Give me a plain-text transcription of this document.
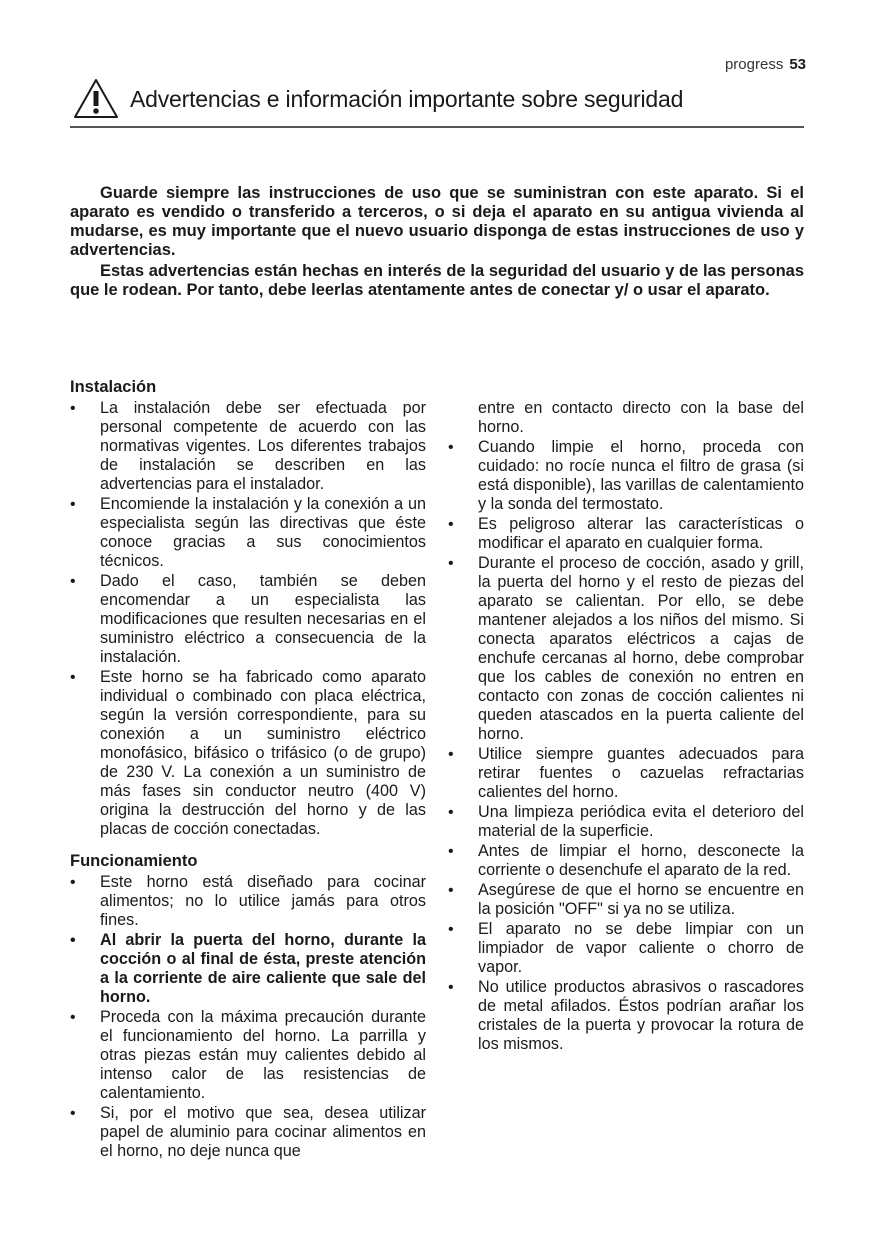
progress 53
Advertencias e información importante sobre seguridad

Guarde siempre las instrucciones de uso que se suministran con este aparato. Si el aparato es vendido o transferido a terceros, o si deja el aparato en su antigua vivienda al mudarse, es muy importante que el nuevo usuario disponga de estas instrucciones de uso y advertencias.

Estas advertencias están hechas en interés de la seguridad del usuario y de las personas que le rodean. Por tanto, debe leerlas atentamente antes de conectar y/ o usar el aparato.

Instalación
• La instalación debe ser efectuada por personal competente de acuerdo con las normativas vigentes. Los diferentes trabajos de instalación se describen en las advertencias para el instalador.
• Encomiende la instalación y la conexión a un especialista según las directivas que éste conoce gracias a sus conocimientos técnicos.
• Dado el caso, también se deben encomendar a un especialista las modificaciones que resulten necesarias en el suministro eléctrico a consecuencia de la instalación.
• Este horno se ha fabricado como aparato individual o combinado con placa eléctrica, según la versión correspondiente, para su conexión a un suministro eléctrico monofásico, bifásico o trifásico (o de grupo) de 230 V. La conexión a un suministro de más fases sin conductor neutro (400 V) origina la destrucción del horno y de las placas de cocción conectadas.
Funcionamiento
• Este horno está diseñado para cocinar alimentos; no lo utilice jamás para otros fines.
• Al abrir la puerta del horno, durante la cocción o al final de ésta, preste atención a la corriente de aire caliente que sale del horno.
• Proceda con la máxima precaución durante el funcionamiento del horno. La parrilla y otras piezas están muy calientes debido al intenso calor de las resistencias de calentamiento.
• Si, por el motivo que sea, desea utilizar papel de aluminio para cocinar alimentos en el horno, no deje nunca que
entre en contacto directo con la base del horno.
• Cuando limpie el horno, proceda con cuidado: no rocíe nunca el filtro de grasa (si está disponible), las varillas de calentamiento y la sonda del termostato.
• Es peligroso alterar las características o modificar el aparato en cualquier forma.
• Durante el proceso de cocción, asado y grill, la puerta del horno y el resto de piezas del aparato se calientan. Por ello, se debe mantener alejados a los niños del mismo. Si conecta aparatos eléctricos a cajas de enchufe cercanas al horno, debe comprobar que los cables de conexión no entren en contacto con zonas de cocción calientes ni queden atascados en la puerta caliente del horno.
• Utilice siempre guantes adecuados para retirar fuentes o cazuelas refractarias calientes del horno.
• Una limpieza periódica evita el deterioro del material de la superficie.
• Antes de limpiar el horno, desconecte la corriente o desenchufe el aparato de la red.
• Asegúrese de que el horno se encuentre en la posición "OFF" si ya no se utiliza.
• El aparato no se debe limpiar con un limpiador de vapor caliente o chorro de vapor.
• No utilice productos abrasivos o rascadores de metal afilados. Éstos podrían arañar los cristales de la puerta y provocar la rotura de los mismos.
